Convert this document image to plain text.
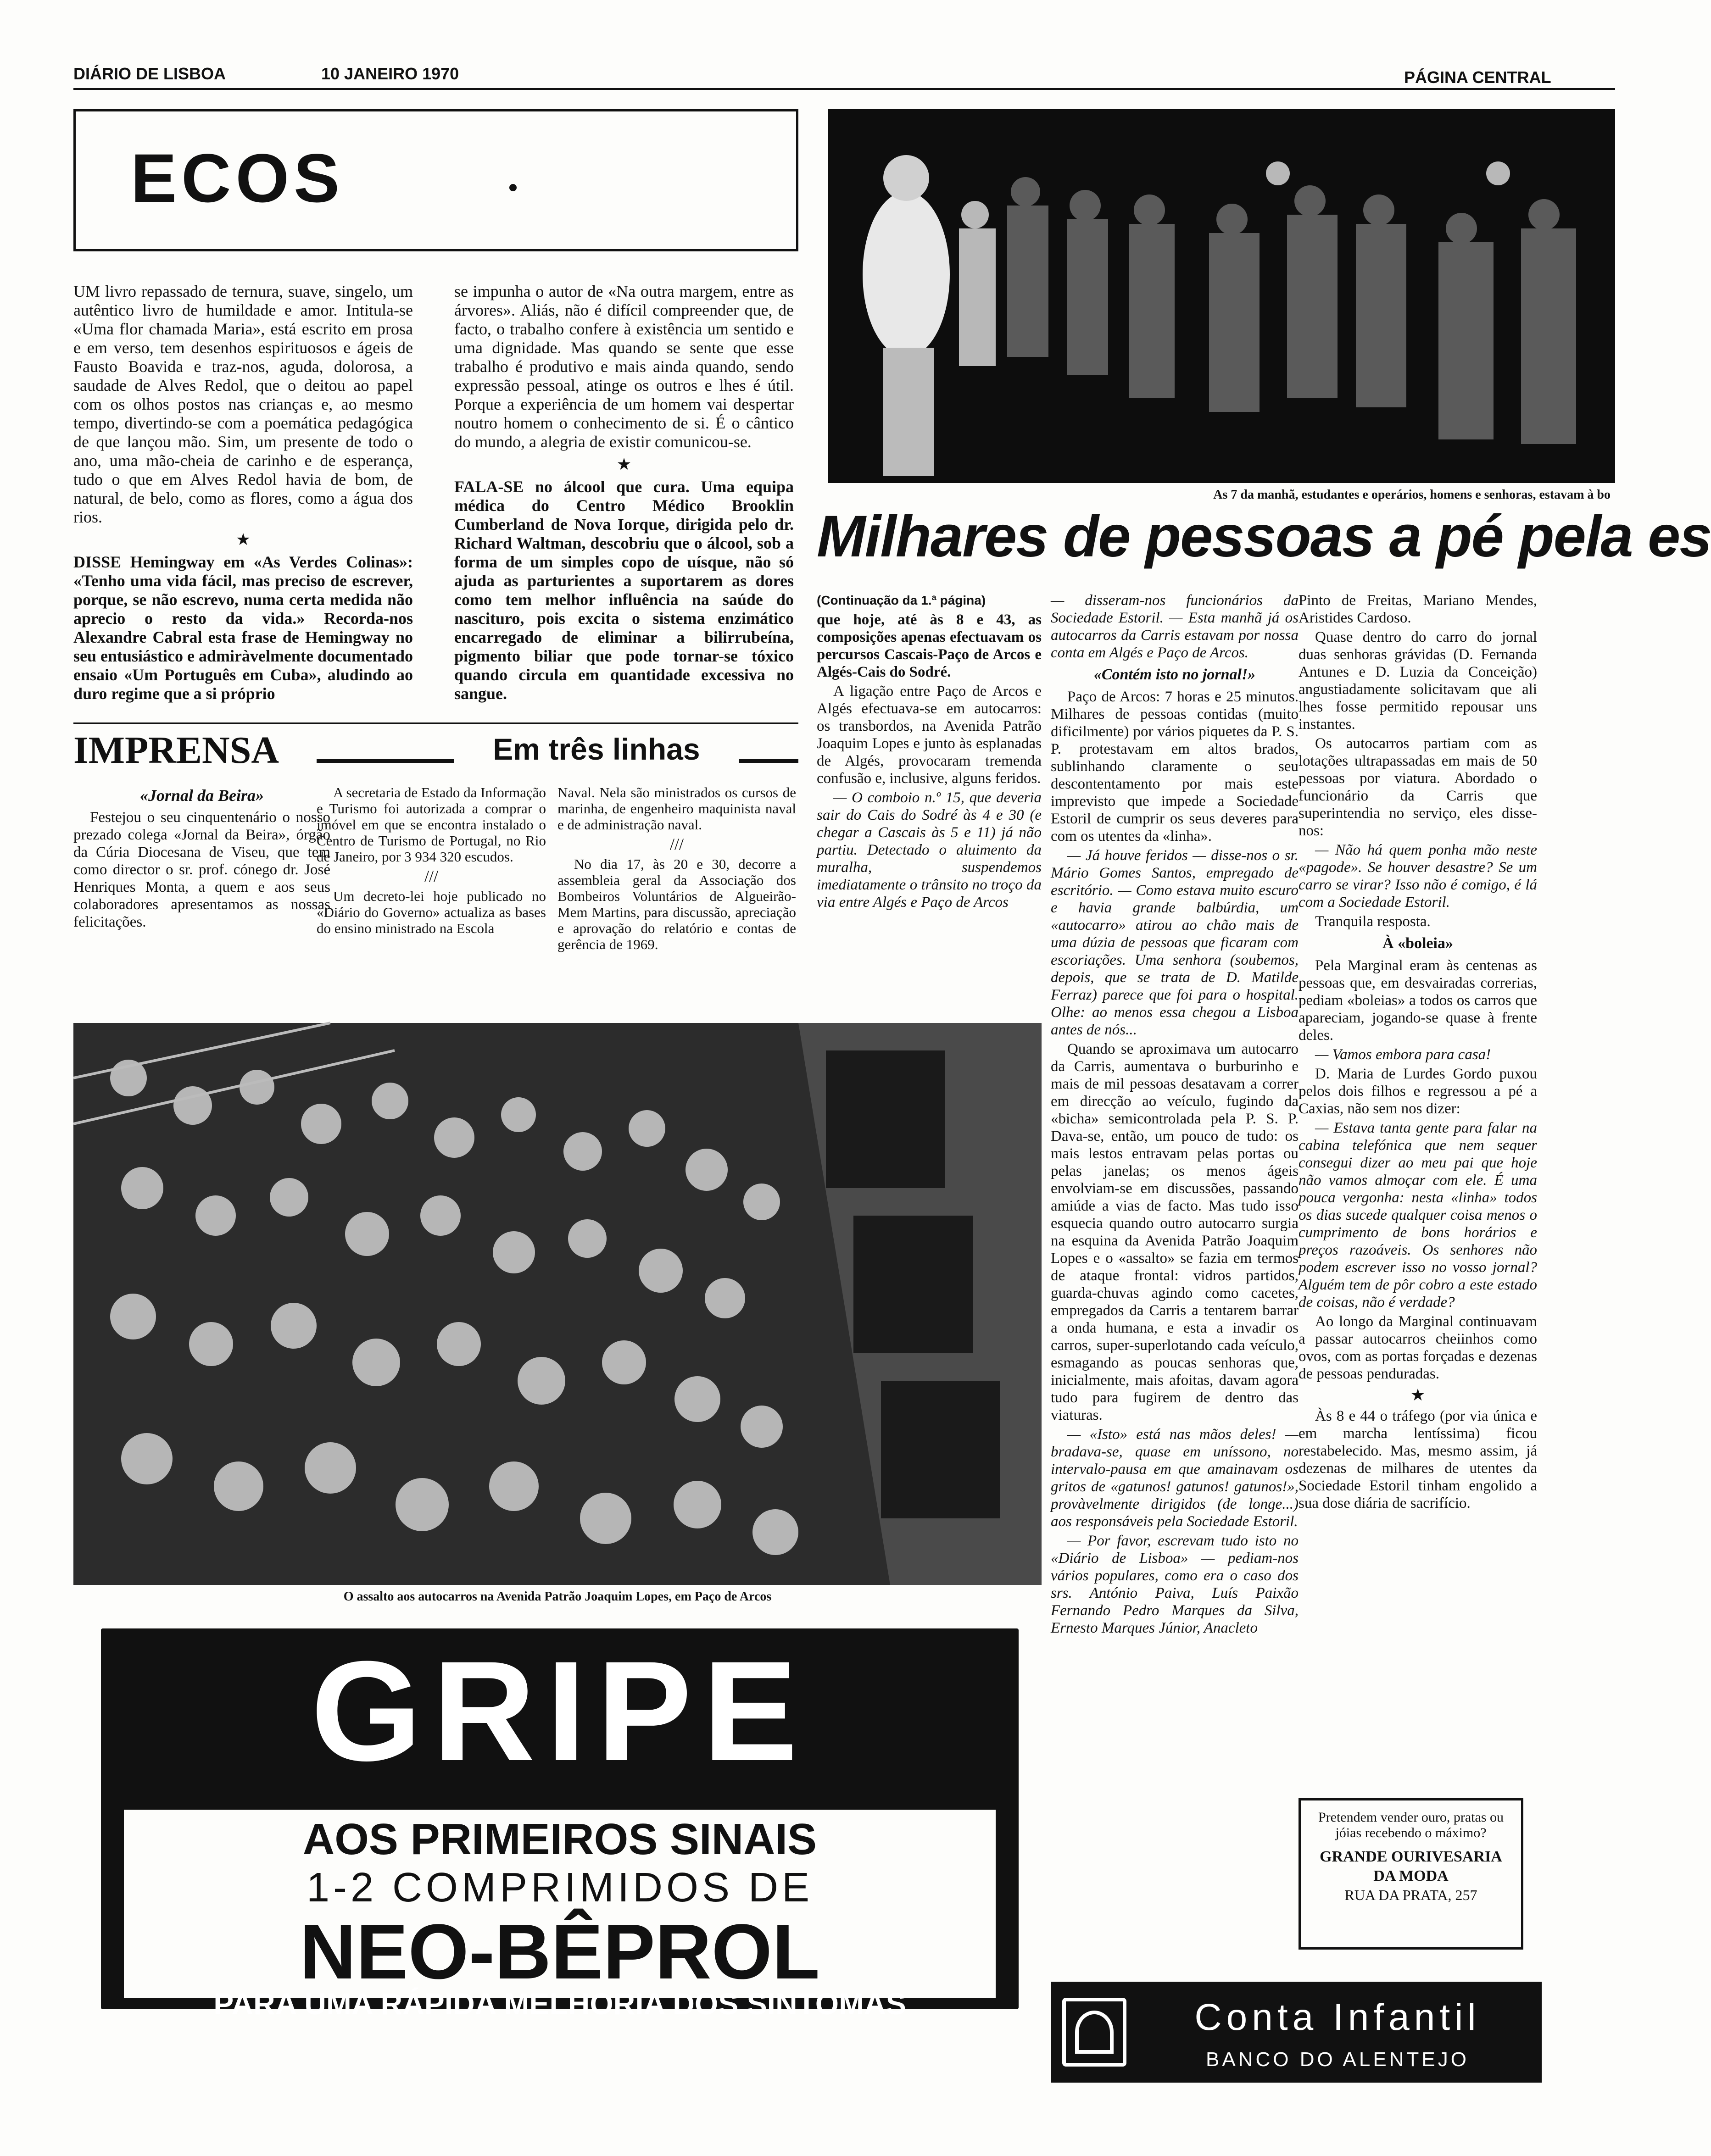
DIÁRIO DE LISBOA	10 JANEIRO 1970	PÁGINA CENTRAL
ECOS

UM livro repassado de ternura, suave, singelo, um autêntico livro de humildade e amor. Intitula-se «Uma flor chamada Maria», está escrito em prosa e em verso, tem desenhos espirituosos e ágeis de Fausto Boavida e traz-nos, aguda, dolorosa, a saudade de Alves Redol, que o deitou ao papel com os olhos postos nas crianças e, ao mesmo tempo, divertindo-se com a poemática pedagógica de que lançou mão. Sim, um presente de todo o ano, uma mão-cheia de carinho e de esperança, tudo o que em Alves Redol havia de bom, de natural, de belo, como as flores, como a água dos rios.

★

DISSE Hemingway em «As Verdes Colinas»: «Tenho uma vida fácil, mas preciso de escrever, porque, se não escrevo, numa certa medida não aprecio o resto da vida.» Recorda-nos Alexandre Cabral esta frase de Hemingway no seu entusiástico e admiràvelmente documentado ensaio «Um Português em Cuba», aludindo ao duro regime que a si próprio

se impunha o autor de «Na outra margem, entre as árvores». Aliás, não é difícil compreender que, de facto, o trabalho confere à existência um sentido e uma dignidade. Mas quando se sente que esse trabalho é produtivo e mais ainda quando, sendo expressão pessoal, atinge os outros e lhes é útil. Porque a experiência de um homem vai despertar noutro homem o conhecimento de si. É o cântico do mundo, a alegria de existir comunicou-se.

★

FALA-SE no álcool que cura. Uma equipa médica do Centro Médico Brooklin Cumberland de Nova Iorque, dirigida pelo dr. Richard Waltman, descobriu que o álcool, sob a forma de um simples copo de uísque, não só ajuda as parturientes a suportarem as dores como tem melhor influência na saúde do nascituro, pois excita o sistema enzimático encarregado de eliminar a bilirrubeína, pigmento biliar que pode tornar-se tóxico quando circula em quantidade excessiva no sangue.

IMPRENSA
«Jornal da Beira»

Festejou o seu cinquentenário o nosso prezado colega «Jornal da Beira», órgão da Cúria Diocesana de Viseu, que tem como director o sr. prof. cónego dr. José Henriques Monta, a quem e aos seus colaboradores apresentamos as nossas felicitações.

Em três linhas

A secretaria de Estado da Informação e Turismo foi autorizada a comprar o imóvel em que se encontra instalado o Centro de Turismo de Portugal, no Rio de Janeiro, por 3 934 320 escudos.

///

Um decreto-lei hoje publicado no «Diário do Governo» actualiza as bases do ensino ministrado na Escola

Naval. Nela são ministrados os cursos de marinha, de engenheiro maquinista naval e de administração naval.

///

No dia 17, às 20 e 30, decorre a assembleia geral da Associação dos Bombeiros Voluntários de Algueirão-Mem Martins, para discussão, apreciação e aprovação do relatório e contas de gerência de 1969.

As 7 da manhã, estudantes e operários, homens e senhoras, estavam à bo
Milhares de pessoas a pé pela es

(Continuação da 1.ª página)

que hoje, até às 8 e 43, as composições apenas efectuavam os percursos Cascais-Paço de Arcos e Algés-Cais do Sodré.

A ligação entre Paço de Arcos e Algés efectuava-se em autocarros: os transbordos, na Avenida Patrão Joaquim Lopes e junto às esplanadas de Algés, provocaram tremenda confusão e, inclusive, alguns feridos.

— O comboio n.º 15, que deveria sair do Cais do Sodré às 4 e 30 (e chegar a Cascais às 5 e 11) já não partiu. Detectado o aluimento da muralha, suspendemos imediatamente o trânsito no troço da via entre Algés e Paço de Arcos

O assalto aos autocarros na Avenida Patrão Joaquim Lopes, em Paço de Arcos

— disseram-nos funcionários da Sociedade Estoril. — Esta manhã já os autocarros da Carris estavam por nossa conta em Algés e Paço de Arcos.

«Contém isto no jornal!»

Paço de Arcos: 7 horas e 25 minutos. Milhares de pessoas contidas (muito dificilmente) por vários piquetes da P. S. P. protestavam em altos brados, sublinhando claramente o seu descontentamento por mais este imprevisto que impede a Sociedade Estoril de cumprir os seus deveres para com os utentes da «linha».

— Já houve feridos — disse-nos o sr. Mário Gomes Santos, empregado de escritório. — Como estava muito escuro e havia grande balbúrdia, um «autocarro» atirou ao chão mais de uma dúzia de pessoas que ficaram com escoriações. Uma senhora (soubemos, depois, que se trata de D. Matilde Ferraz) parece que foi para o hospital. Olhe: ao menos essa chegou a Lisboa antes de nós...

Quando se aproximava um autocarro da Carris, aumentava o burburinho e mais de mil pessoas desatavam a correr em direcção ao veículo, fugindo da «bicha» semicontrolada pela P. S. P. Dava-se, então, um pouco de tudo: os mais lestos entravam pelas portas ou pelas janelas; os menos ágeis envolviam-se em discussões, passando amiúde a vias de facto. Mas tudo isso esquecia quando outro autocarro surgia na esquina da Avenida Patrão Joaquim Lopes e o «assalto» se fazia em termos de ataque frontal: vidros partidos, guarda-chuvas agindo como cacetes, empregados da Carris a tentarem barrar a onda humana, e esta a invadir os carros, super-superlotando cada veículo, esmagando as poucas senhoras que, inicialmente, mais afoitas, davam agora tudo para fugirem de dentro das viaturas.

— «Isto» está nas mãos deles! — bradava-se, quase em uníssono, no intervalo-pausa em que amainavam os gritos de «gatunos! gatunos! gatunos!», provàvelmente dirigidos (de longe...) aos responsáveis pela Sociedade Estoril.

— Por favor, escrevam tudo isto no «Diário de Lisboa» — pediam-nos vários populares, como era o caso dos srs. António Paiva, Luís Paixão Fernando Pedro Marques da Silva, Ernesto Marques Júnior, Anacleto

Pinto de Freitas, Mariano Mendes, Aristides Cardoso.

Quase dentro do carro do jornal duas senhoras grávidas (D. Fernanda Antunes e D. Luzia da Conceição) angustiadamente solicitavam que ali lhes fosse permitido repousar uns instantes.

Os autocarros partiam com as lotações ultrapassadas em mais de 50 pessoas por viatura. Abordado o funcionário da Carris que superintendia no serviço, eles disse-nos:

— Não há quem ponha mão neste «pagode». Se houver desastre? Se um carro se virar? Isso não é comigo, é lá com a Sociedade Estoril.

Tranquila resposta.

À «boleia»

Pela Marginal eram às centenas as pessoas que, em desvairadas correrias, pediam «boleias» a todos os carros que apareciam, jogando-se quase à frente deles.

— Vamos embora para casa!

D. Maria de Lurdes Gordo puxou pelos dois filhos e regressou a pé a Caxias, não sem nos dizer:

— Estava tanta gente para falar na cabina telefónica que nem sequer consegui dizer ao meu pai que hoje não vamos almoçar com ele. É uma pouca vergonha: nesta «linha» todos os dias sucede qualquer coisa menos o cumprimento de bons horários e preços razoáveis. Os senhores não podem escrever isso no vosso jornal? Alguém tem de pôr cobro a este estado de coisas, não é verdade?

Ao longo da Marginal continuavam a passar autocarros cheiinhos como ovos, com as portas forçadas e dezenas de pessoas penduradas.

★

Às 8 e 44 o tráfego (por via única e em marcha lentíssima) ficou restabelecido. Mas, mesmo assim, já dezenas de milhares de utentes da Sociedade Estoril tinham engolido a sua dose diária de sacrifício.

GRIPE
AOS PRIMEIROS SINAIS
1-2 COMPRIMIDOS DE
NEO-BÊPROL
PARA UMA RÁPIDA MELHORIA DOS SINTOMAS
Pretendem vender ouro, pratas ou jóias recebendo o máximo?
GRANDE OURIVESARIA
DA MODA
RUA DA PRATA, 257
Conta Infantil
BANCO DO ALENTEJO
